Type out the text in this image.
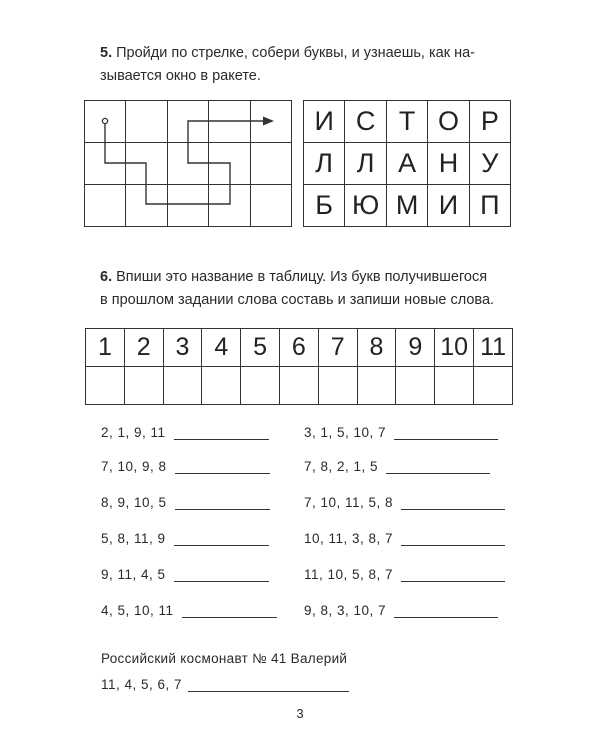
5. Пройди по стрелке, собери буквы, и узнаешь, как на-
зывается окно в ракете.

И	С	Т	О	Р
Л	Л	А	Н	У
Б	Ю	М	И	П
6. Впиши это название в таблицу. Из букв получившегося
в прошлом задании слова составь и запиши новые слова.
1	2	3	4	5	6	7	8	9	10	11

2, 1, 9, 11
7, 10, 9, 8
8, 9, 10, 5
5, 8, 11, 9
9, 11, 4, 5
4, 5, 10, 11
3, 1, 5, 10, 7
7, 8, 2, 1, 5
7, 10, 11, 5, 8
10, 11, 3, 8, 7
11, 10, 5, 8, 7
9, 8, 3, 10, 7
Российский космонавт № 41 Валерий
11, 4, 5, 6, 7
3
